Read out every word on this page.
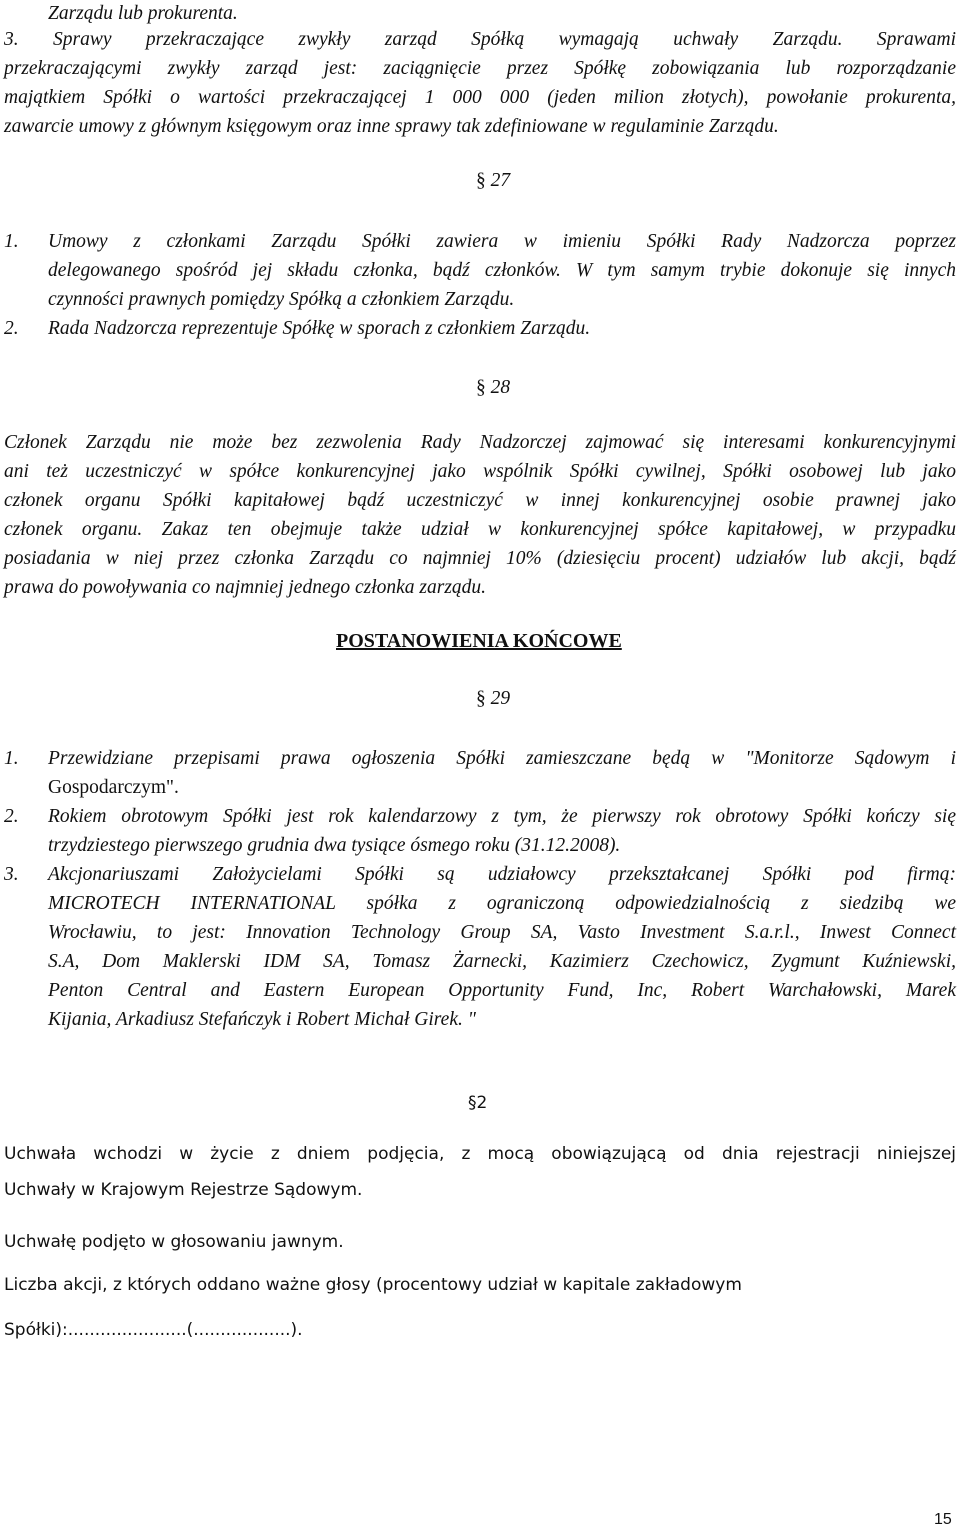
Zarządu lub prokurenta.
3. Sprawy przekraczające zwykły zarząd Spółką wymagają uchwały Zarządu. Sprawami
przekraczającymi zwykły zarząd jest: zaciągnięcie przez Spółkę zobowiązania lub rozporządzanie
majątkiem Spółki o wartości przekraczającej 1 000 000 (jeden milion złotych), powołanie prokurenta,
zawarcie umowy z głównym księgowym oraz inne sprawy tak zdefiniowane w regulaminie Zarządu.
§ 27
1. Umowy z członkami Zarządu Spółki zawiera w imieniu Spółki Rady Nadzorcza poprzez
delegowanego spośród jej składu członka, bądź członków. W tym samym trybie dokonuje się innych
czynności prawnych pomiędzy Spółką a członkiem Zarządu.
2. Rada Nadzorcza reprezentuje Spółkę w sporach z członkiem Zarządu.
§ 28
Członek Zarządu nie może bez zezwolenia Rady Nadzorczej zajmować się interesami konkurencyjnymi
ani też uczestniczyć w spółce konkurencyjnej jako wspólnik Spółki cywilnej, Spółki osobowej lub jako
członek organu Spółki kapitałowej bądź uczestniczyć w innej konkurencyjnej osobie prawnej jako
członek organu. Zakaz ten obejmuje także udział w konkurencyjnej spółce kapitałowej, w przypadku
posiadania w niej przez członka Zarządu co najmniej 10% (dziesięciu procent) udziałów lub akcji, bądź
prawa do powoływania co najmniej jednego członka zarządu.
POSTANOWIENIA KOŃCOWE
§ 29
1. Przewidziane przepisami prawa ogłoszenia Spółki zamieszczane będą w "Monitorze Sądowym i
Gospodarczym".
2. Rokiem obrotowym Spółki jest rok kalendarzowy z tym, że pierwszy rok obrotowy Spółki kończy się
trzydziestego pierwszego grudnia dwa tysiące ósmego roku (31.12.2008).
3. Akcjonariuszami Założycielami Spółki są udziałowcy przekształcanej Spółki pod firmą:
MICROTECH INTERNATIONAL spółka z ograniczoną odpowiedzialnością z siedzibą we
Wrocławiu, to jest: Innovation Technology Group SA, Vasto Investment S.a.r.l., Inwest Connect
S.A, Dom Maklerski IDM SA, Tomasz Żarnecki, Kazimierz Czechowicz, Zygmunt Kuźniewski,
Penton Central and Eastern European Opportunity Fund, Inc, Robert Warchałowski, Marek
Kijania, Arkadiusz Stefańczyk i Robert Michał Girek. "
§2
Uchwała wchodzi w życie z dniem podjęcia, z mocą obowiązującą od dnia rejestracji niniejszej
Uchwały w Krajowym Rejestrze Sądowym.
Uchwałę podjęto w głosowaniu jawnym.
Liczba akcji, z których oddano ważne głosy (procentowy udział w kapitale zakładowym
Spółki):......................(..................).
15
